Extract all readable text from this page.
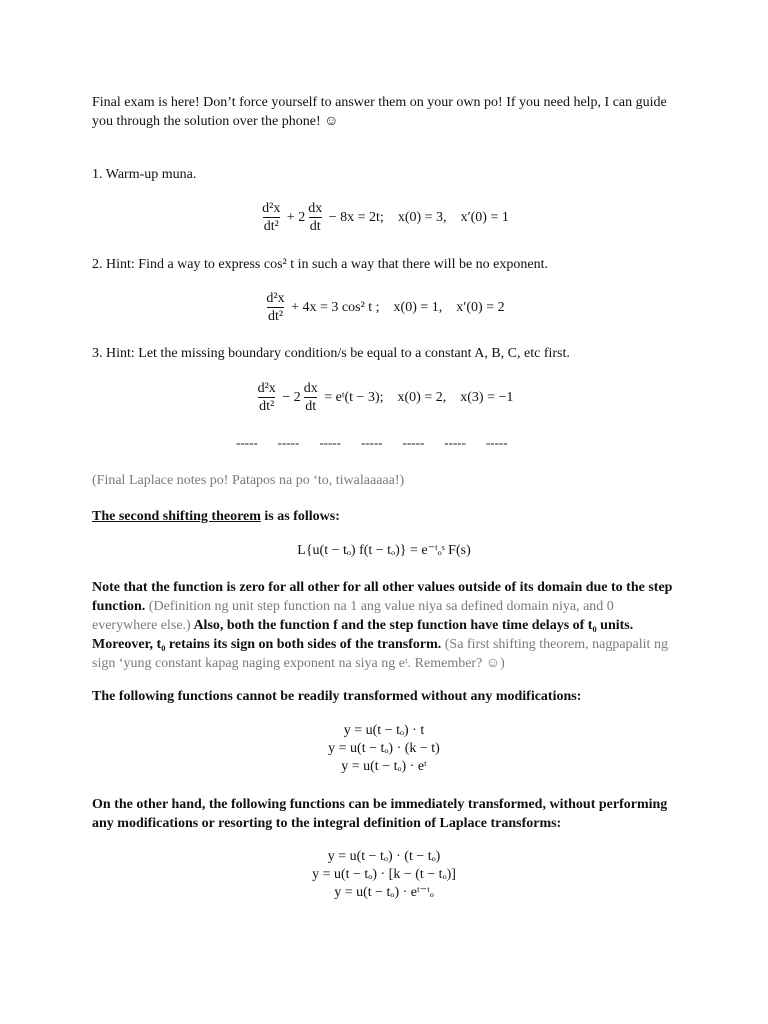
Final exam is here! Don’t force yourself to answer them on your own po! If you need help, I can guide you through the solution over the phone! ☺
1. Warm-up muna.
$\frac{\text{d²x}}{\text{dt²}} + 2 \frac{dx}{dt} - 8x = 2t$; x(0) = 3, x′(0) = 1
2. Hint: Find a way to express cos² t in such a way that there will be no exponent.
$\frac{\text{d²x}}{\text{dt²}} + 4x = 3$ cos² t ; x(0) = 1, x′(0) = 2
3. Hint: Let the missing boundary condition/s be equal to a constant A, B, C, etc first.
$\frac{\text{d²x}}{\text{dt²}} - 2 \frac{dx}{dt}$ = eᵗ(t − 3); x(0) = 2, x(3) = −1
----- ----- ----- ----- ----- ----- -----
(Final Laplace notes po! Patapos na po ‘to, tiwalaaaaa!)
The second shifting theorem is as follows:
L{u(t − tₒ) f(t − tₒ)} = e⁻ᵗₒˢ F(s)
Note that the function is zero for all other for all other values outside of its domain due to the step function. (Definition ng unit step function na 1 ang value niya sa defined domain niya, and 0 everywhere else.) Also, both the function f and the step function have time delays of t₀ units. Moreover, t₀ retains its sign on both sides of the transform. (Sa first shifting theorem, nagpapalit ng sign ‘yung constant kapag naging exponent na siya ng eᵗ. Remember? ☺)
The following functions cannot be readily transformed without any modifications:
y = u(t − tₒ) · t
y = u(t − tₒ) · (k − t)
y = u(t − tₒ) · eᵗ
On the other hand, the following functions can be immediately transformed, without performing any modifications or resorting to the integral definition of Laplace transforms:
y = u(t − tₒ) · (t − tₒ)
y = u(t − tₒ) · [k − (t − tₒ)]
y = u(t − tₒ) · eᵗ⁻ᵗₒ
